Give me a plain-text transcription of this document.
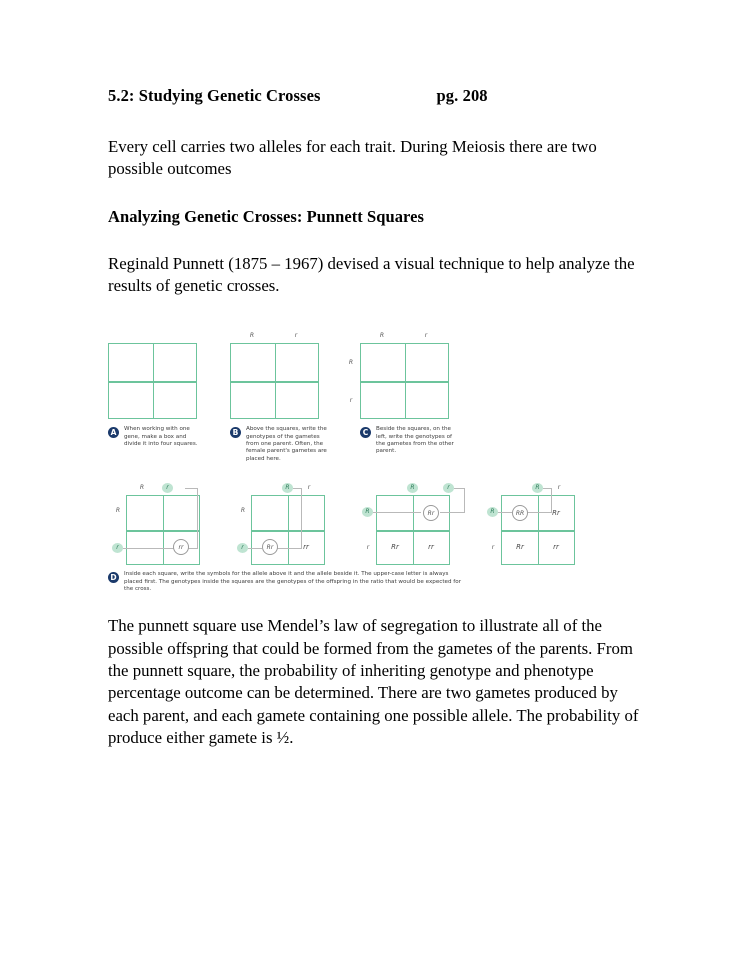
5.2: Studying Genetic Crosses	pg. 208

Every cell carries two alleles for each trait. During Meiosis there are two possible outcomes

Analyzing Genetic Crosses: Punnett Squares

Reginald Punnett (1875 – 1967) devised a visual technique to help analyze the results of genetic crosses.

A	When working with one gene, make a box and divide it into four squares.
R	r
B	Above the squares, write the genotypes of the gametes from one parent. Often, the female parent's gametes are placed here.
R	r
R
r
C	Beside the squares, on the left, write the genotypes of the gametes from the other parent.
R	r
R
r	rr
R	r
R
r	Rr	rr
R	r
R
r
Rr
Rr	rr
R	r
R
r
RR	Rr
Rr	rr
D	Inside each square, write the symbols for the allele above it and the allele beside it. The upper-case letter is always placed first. The genotypes inside the squares are the genotypes of the offspring in the ratio that would be expected for the cross.

The punnett square use Mendel’s law of segregation to illustrate all of the possible offspring that could be formed from the gametes of the parents. From the punnett square, the probability of inheriting genotype and phenotype percentage outcome can be determined. There are two gametes produced by each parent, and each gamete containing one possible allele. The probability of produce either gamete is ½.
